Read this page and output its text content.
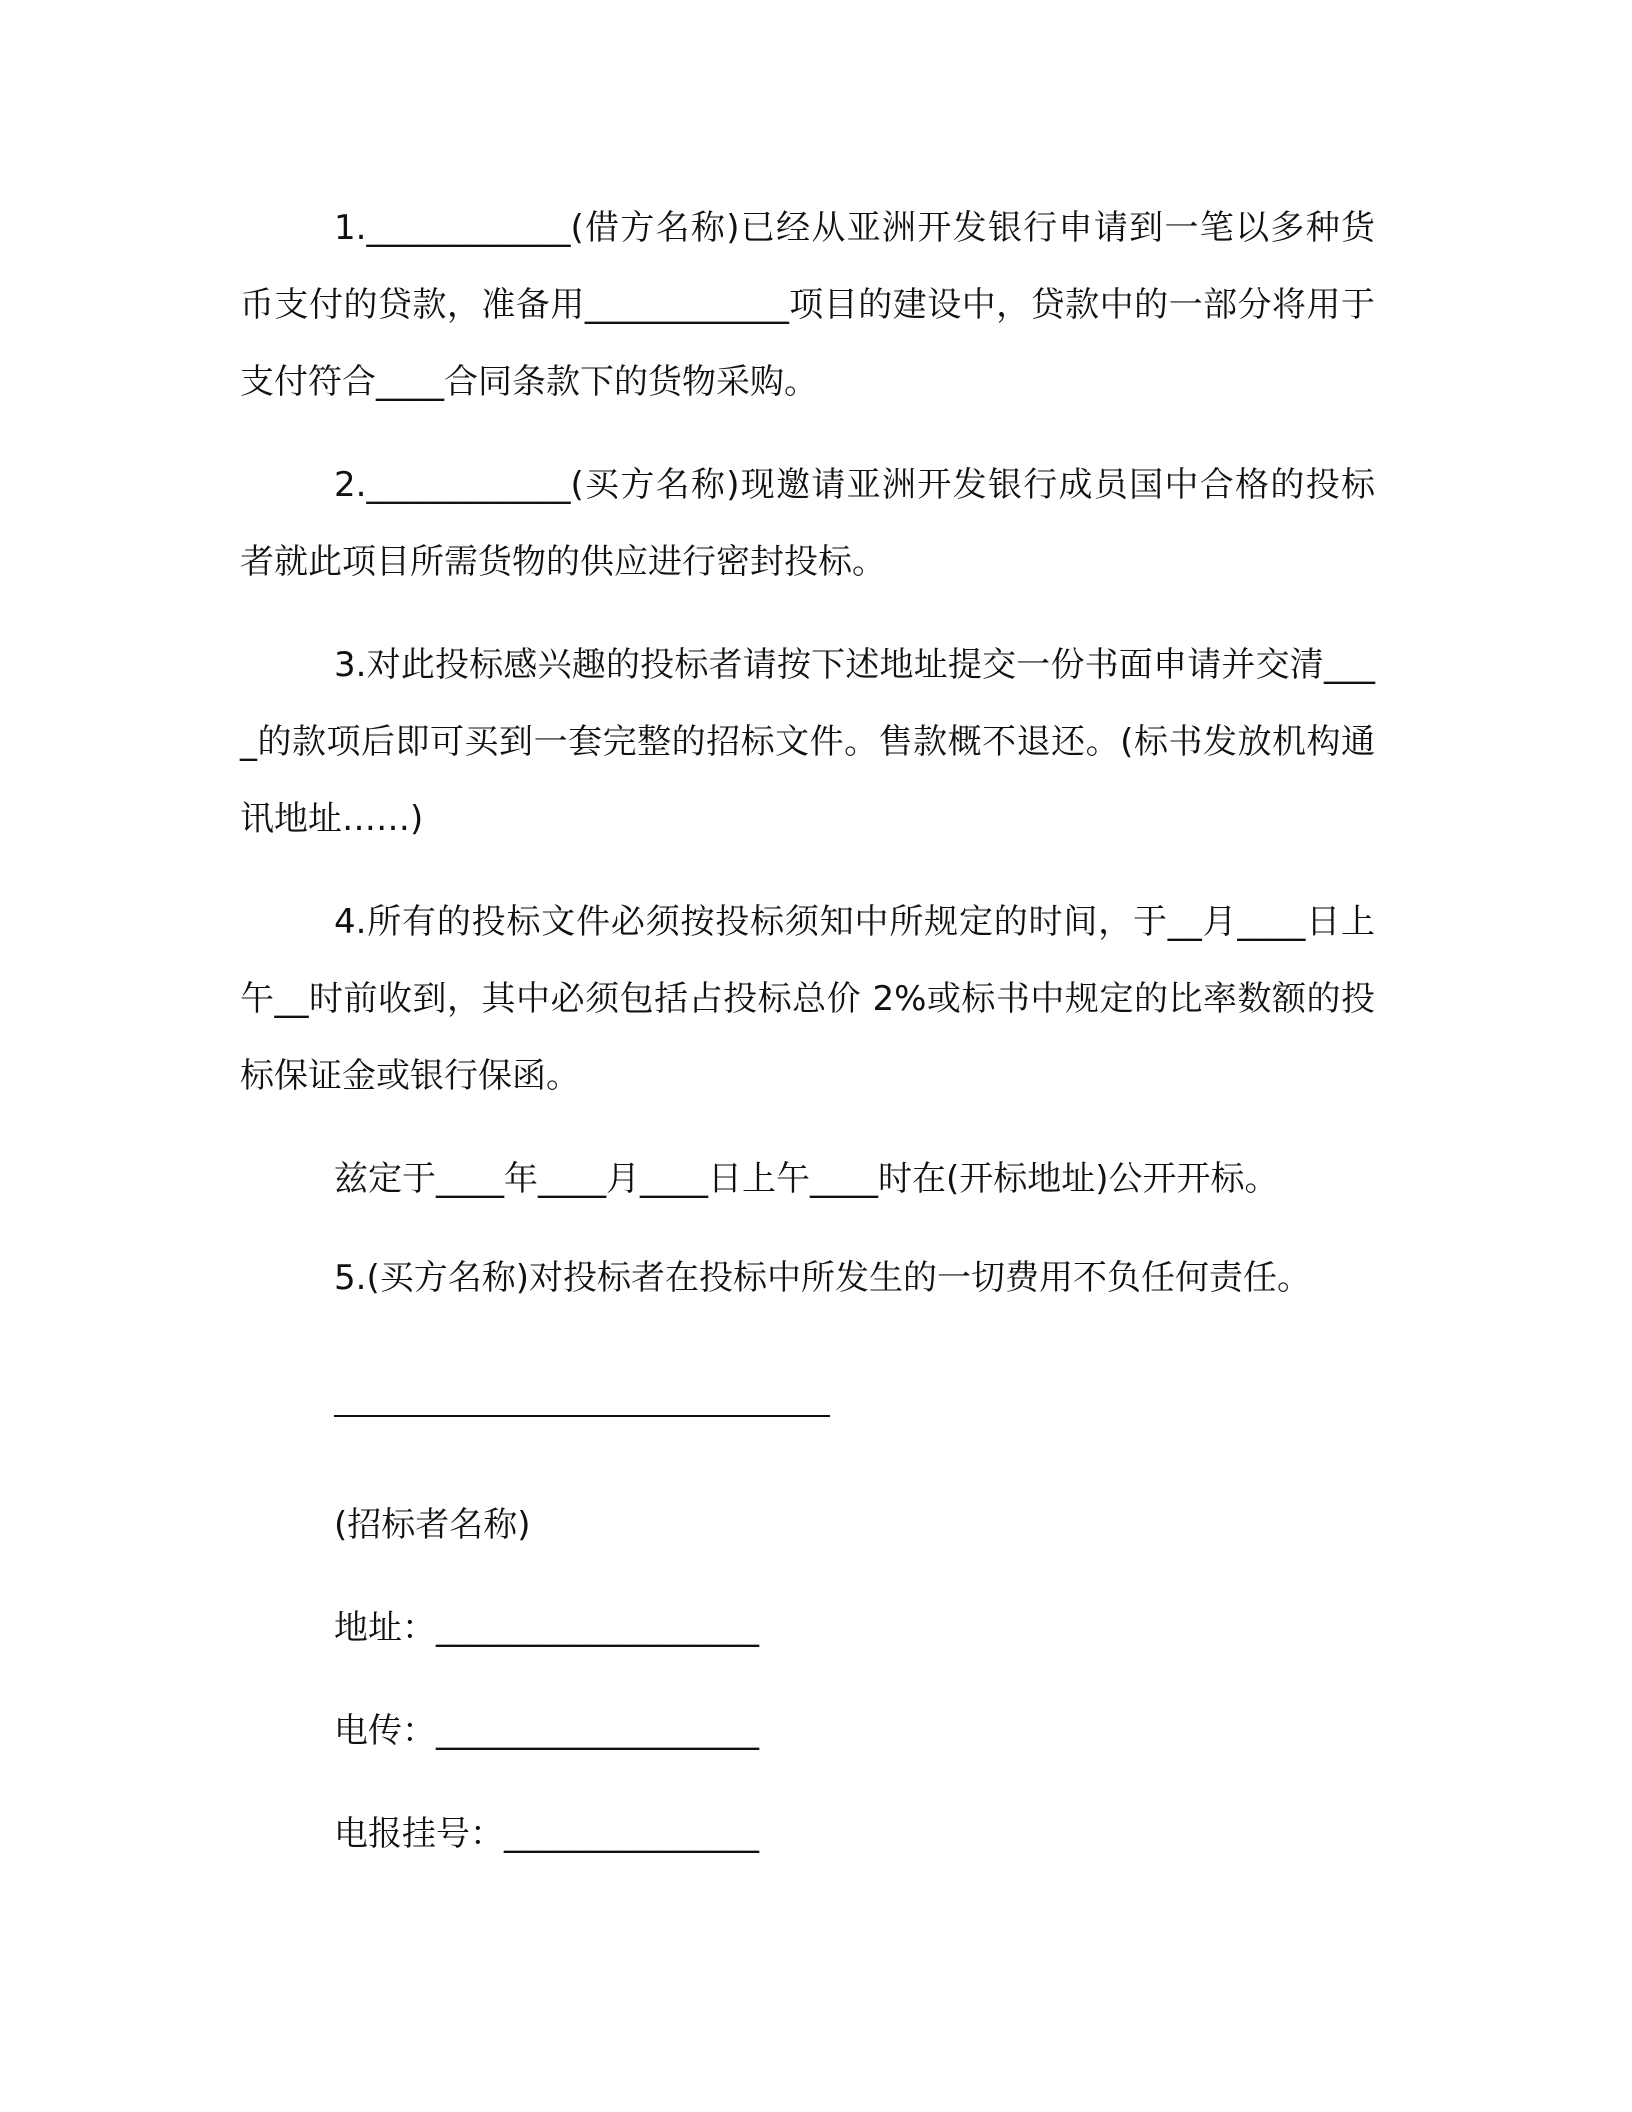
1.____________(借方名称)已经从亚洲开发银行申请到一笔以多种货币支付的贷款，准备用____________项目的建设中，贷款中的一部分将用于支付符合____合同条款下的货物采购。

2.____________(买方名称)现邀请亚洲开发银行成员国中合格的投标者就此项目所需货物的供应进行密封投标。

3.对此投标感兴趣的投标者请按下述地址提交一份书面申请并交清____的款项后即可买到一套完整的招标文件。售款概不退还。(标书发放机构通讯地址……)

4.所有的投标文件必须按投标须知中所规定的时间，于__月____日上午__时前收到，其中必须包括占投标总价 2%或标书中规定的比率数额的投标保证金或银行保函。

兹定于____年____月____日上午____时在(开标地址)公开开标。

5.(买方名称)对投标者在投标中所发生的一切费用不负任何责任。

(招标者名称)

地址：___________________

电传：___________________

电报挂号：_______________
